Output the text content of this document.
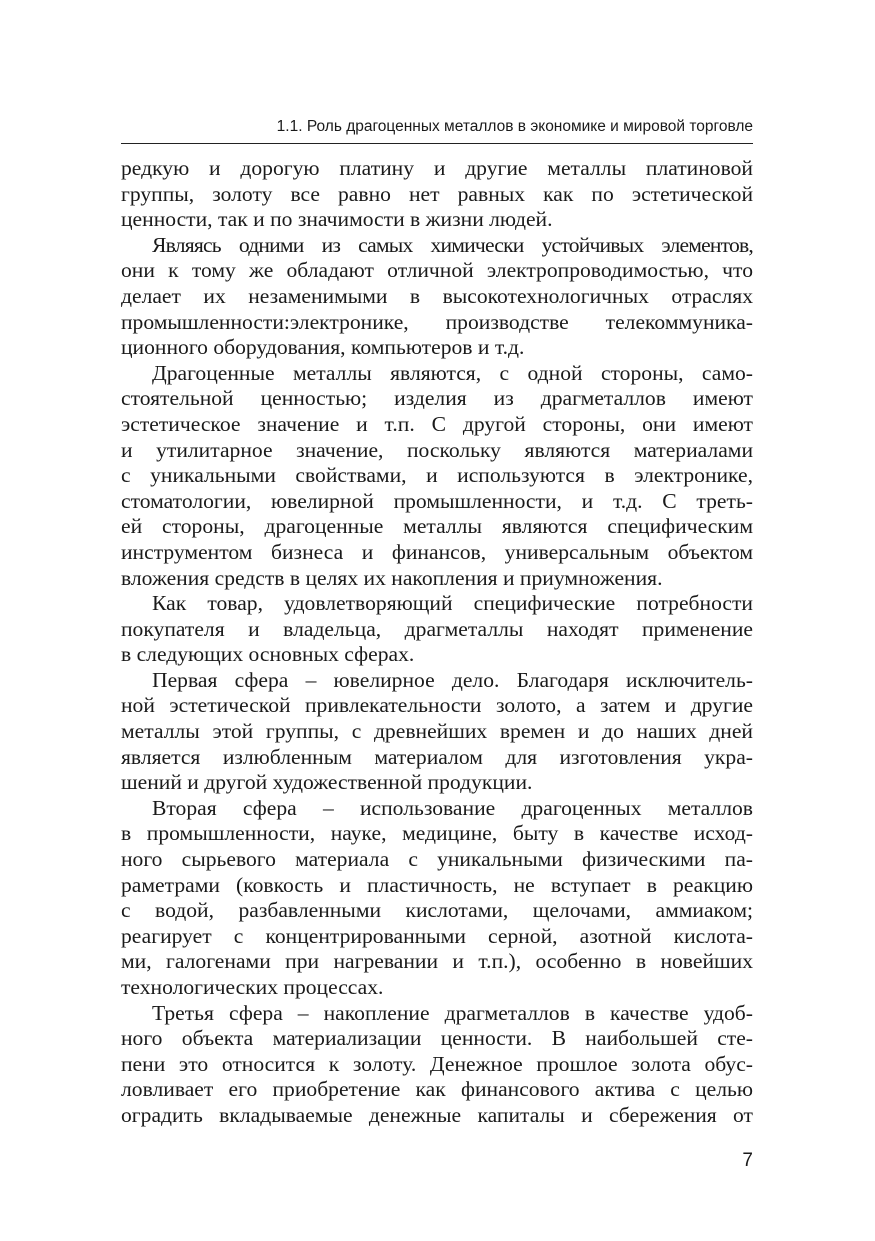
1.1. Роль драгоценных металлов в экономике и мировой торговле
редкую и дорогую платину и другие металлы платиновой
группы, золоту все равно нет равных как по эстетической
ценности, так и по значимости в жизни людей.
Являясь одними из самых химически устойчивых элементов,
они к тому же обладают отличной электропроводимостью, что
делает их незаменимыми в высокотехнологичных отраслях
промышленности:электронике, производстве телекоммуника-
ционного оборудования, компьютеров и т.д.
Драгоценные металлы являются, с одной стороны, само-
стоятельной ценностью; изделия из драгметаллов имеют
эстетическое значение и т.п. С другой стороны, они имеют
и утилитарное значение, поскольку являются материалами
с уникальными свойствами, и используются в электронике,
стоматологии, ювелирной промышленности, и т.д. С треть-
ей стороны, драгоценные металлы являются специфическим
инструментом бизнеса и финансов, универсальным объектом
вложения средств в целях их накопления и приумножения.
Как товар, удовлетворяющий специфические потребности
покупателя и владельца, драгметаллы находят применение
в следующих основных сферах.
Первая сфера – ювелирное дело. Благодаря исключитель-
ной эстетической привлекательности золото, а затем и другие
металлы этой группы, с древнейших времен и до наших дней
является излюбленным материалом для изготовления укра-
шений и другой художественной продукции.
Вторая сфера – использование драгоценных металлов
в промышленности, науке, медицине, быту в качестве исход-
ного сырьевого материала с уникальными физическими па-
раметрами (ковкость и пластичность, не вступает в реакцию
с водой, разбавленными кислотами, щелочами, аммиаком;
реагирует с концентрированными серной, азотной кислота-
ми, галогенами при нагревании и т.п.), особенно в новейших
технологических процессах.
Третья сфера – накопление драгметаллов в качестве удоб-
ного объекта материализации ценности. В наибольшей сте-
пени это относится к золоту. Денежное прошлое золота обус-
ловливает его приобретение как финансового актива с целью
оградить вкладываемые денежные капиталы и сбережения от
7
